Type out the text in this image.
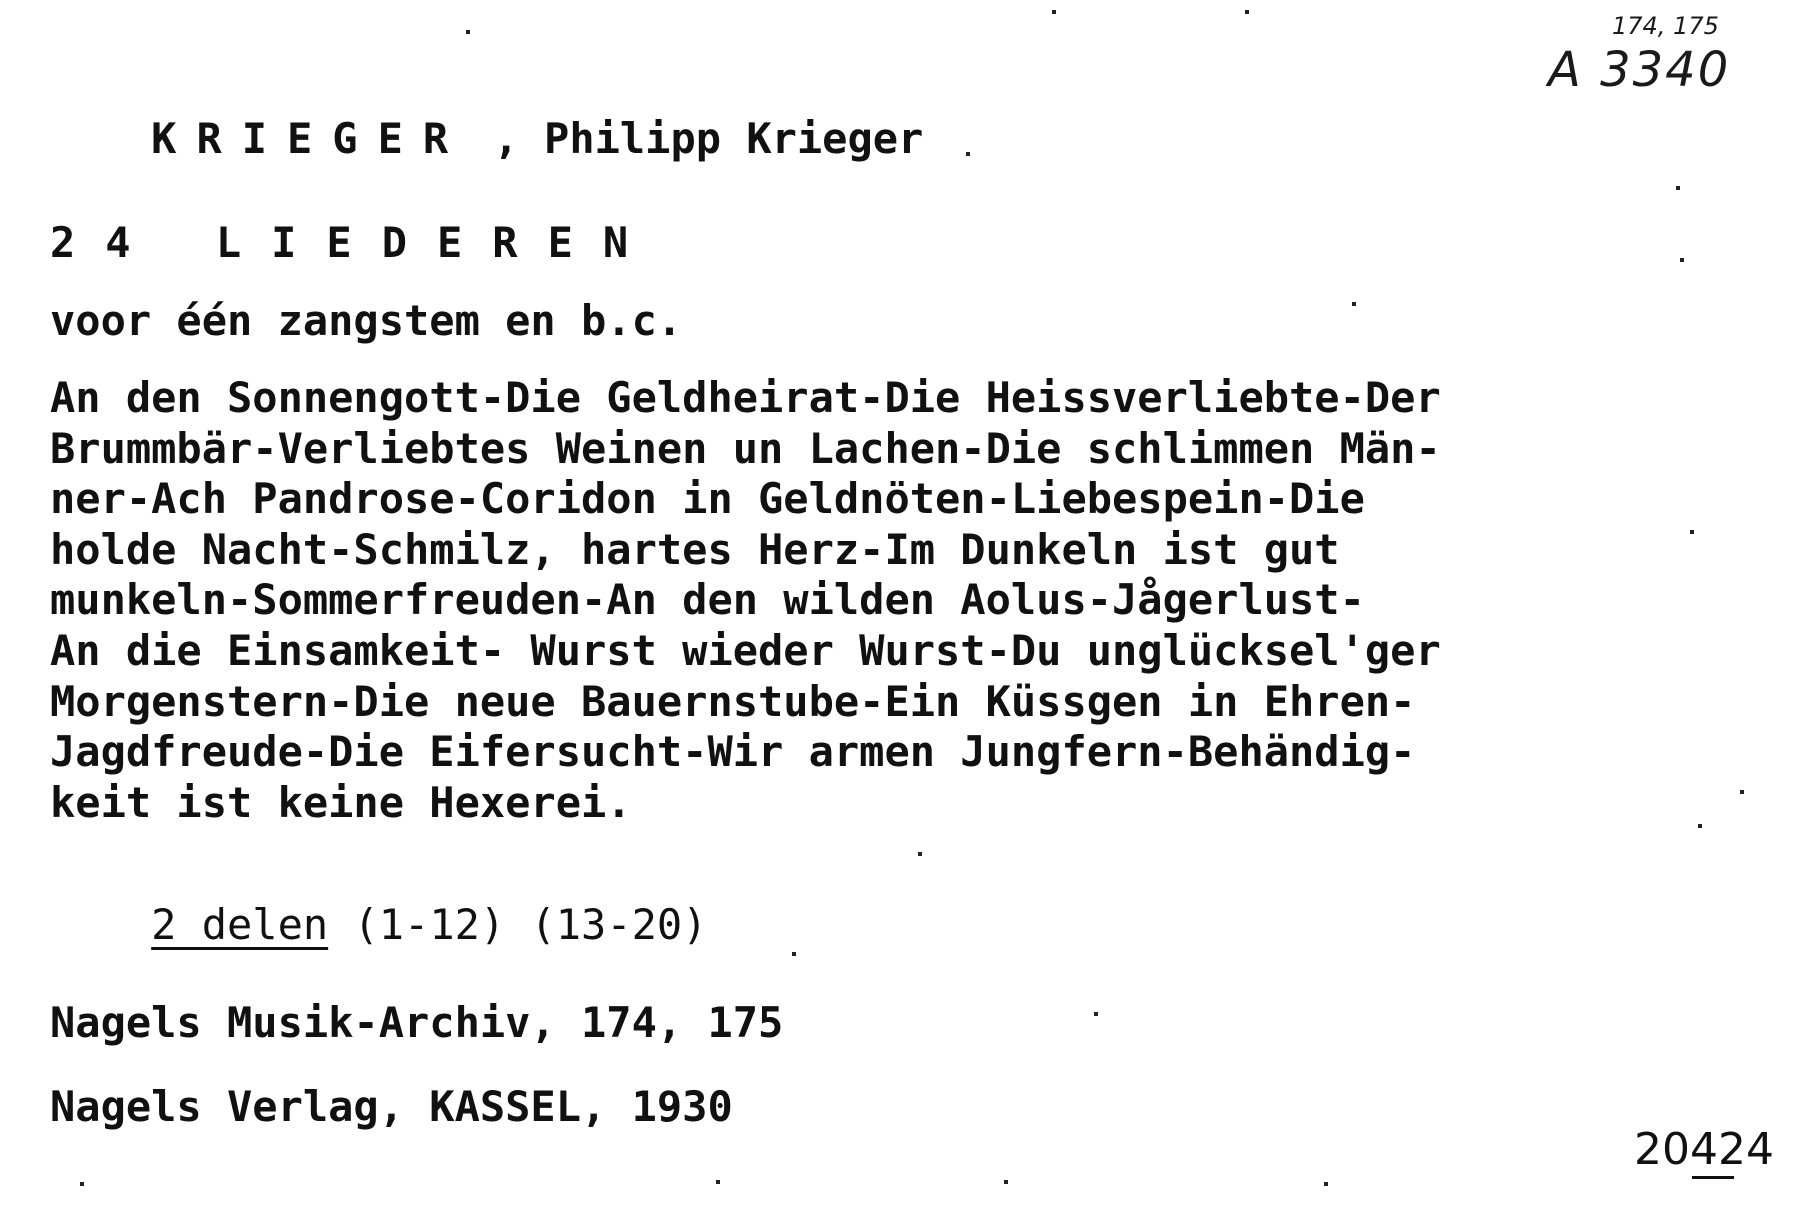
KRIEGER , Philipp Krieger

24 LIEDEREN
voor één zangstem en b.c.
An den Sonnengott-Die Geldheirat-Die Heissverliebte-Der
Brummbär-Verliebtes Weinen un Lachen-Die schlimmen Män-
ner-Ach Pandrose-Coridon in Geldnöten-Liebespein-Die
holde Nacht-Schmilz, hartes Herz-Im Dunkeln ist gut
munkeln-Sommerfreuden-An den wilden Aolus-Jågerlust-
An die Einsamkeit- Wurst wieder Wurst-Du unglücksel'ger
Morgenstern-Die neue Bauernstube-Ein Küssgen in Ehren-
Jagdfreude-Die Eifersucht-Wir armen Jungfern-Behändig-
keit ist keine Hexerei.

2 delen (1-12) (13-20)

Nagels Musik-Archiv, 174, 175
Nagels Verlag, KASSEL, 1930
174, 175
A 3340
20424
